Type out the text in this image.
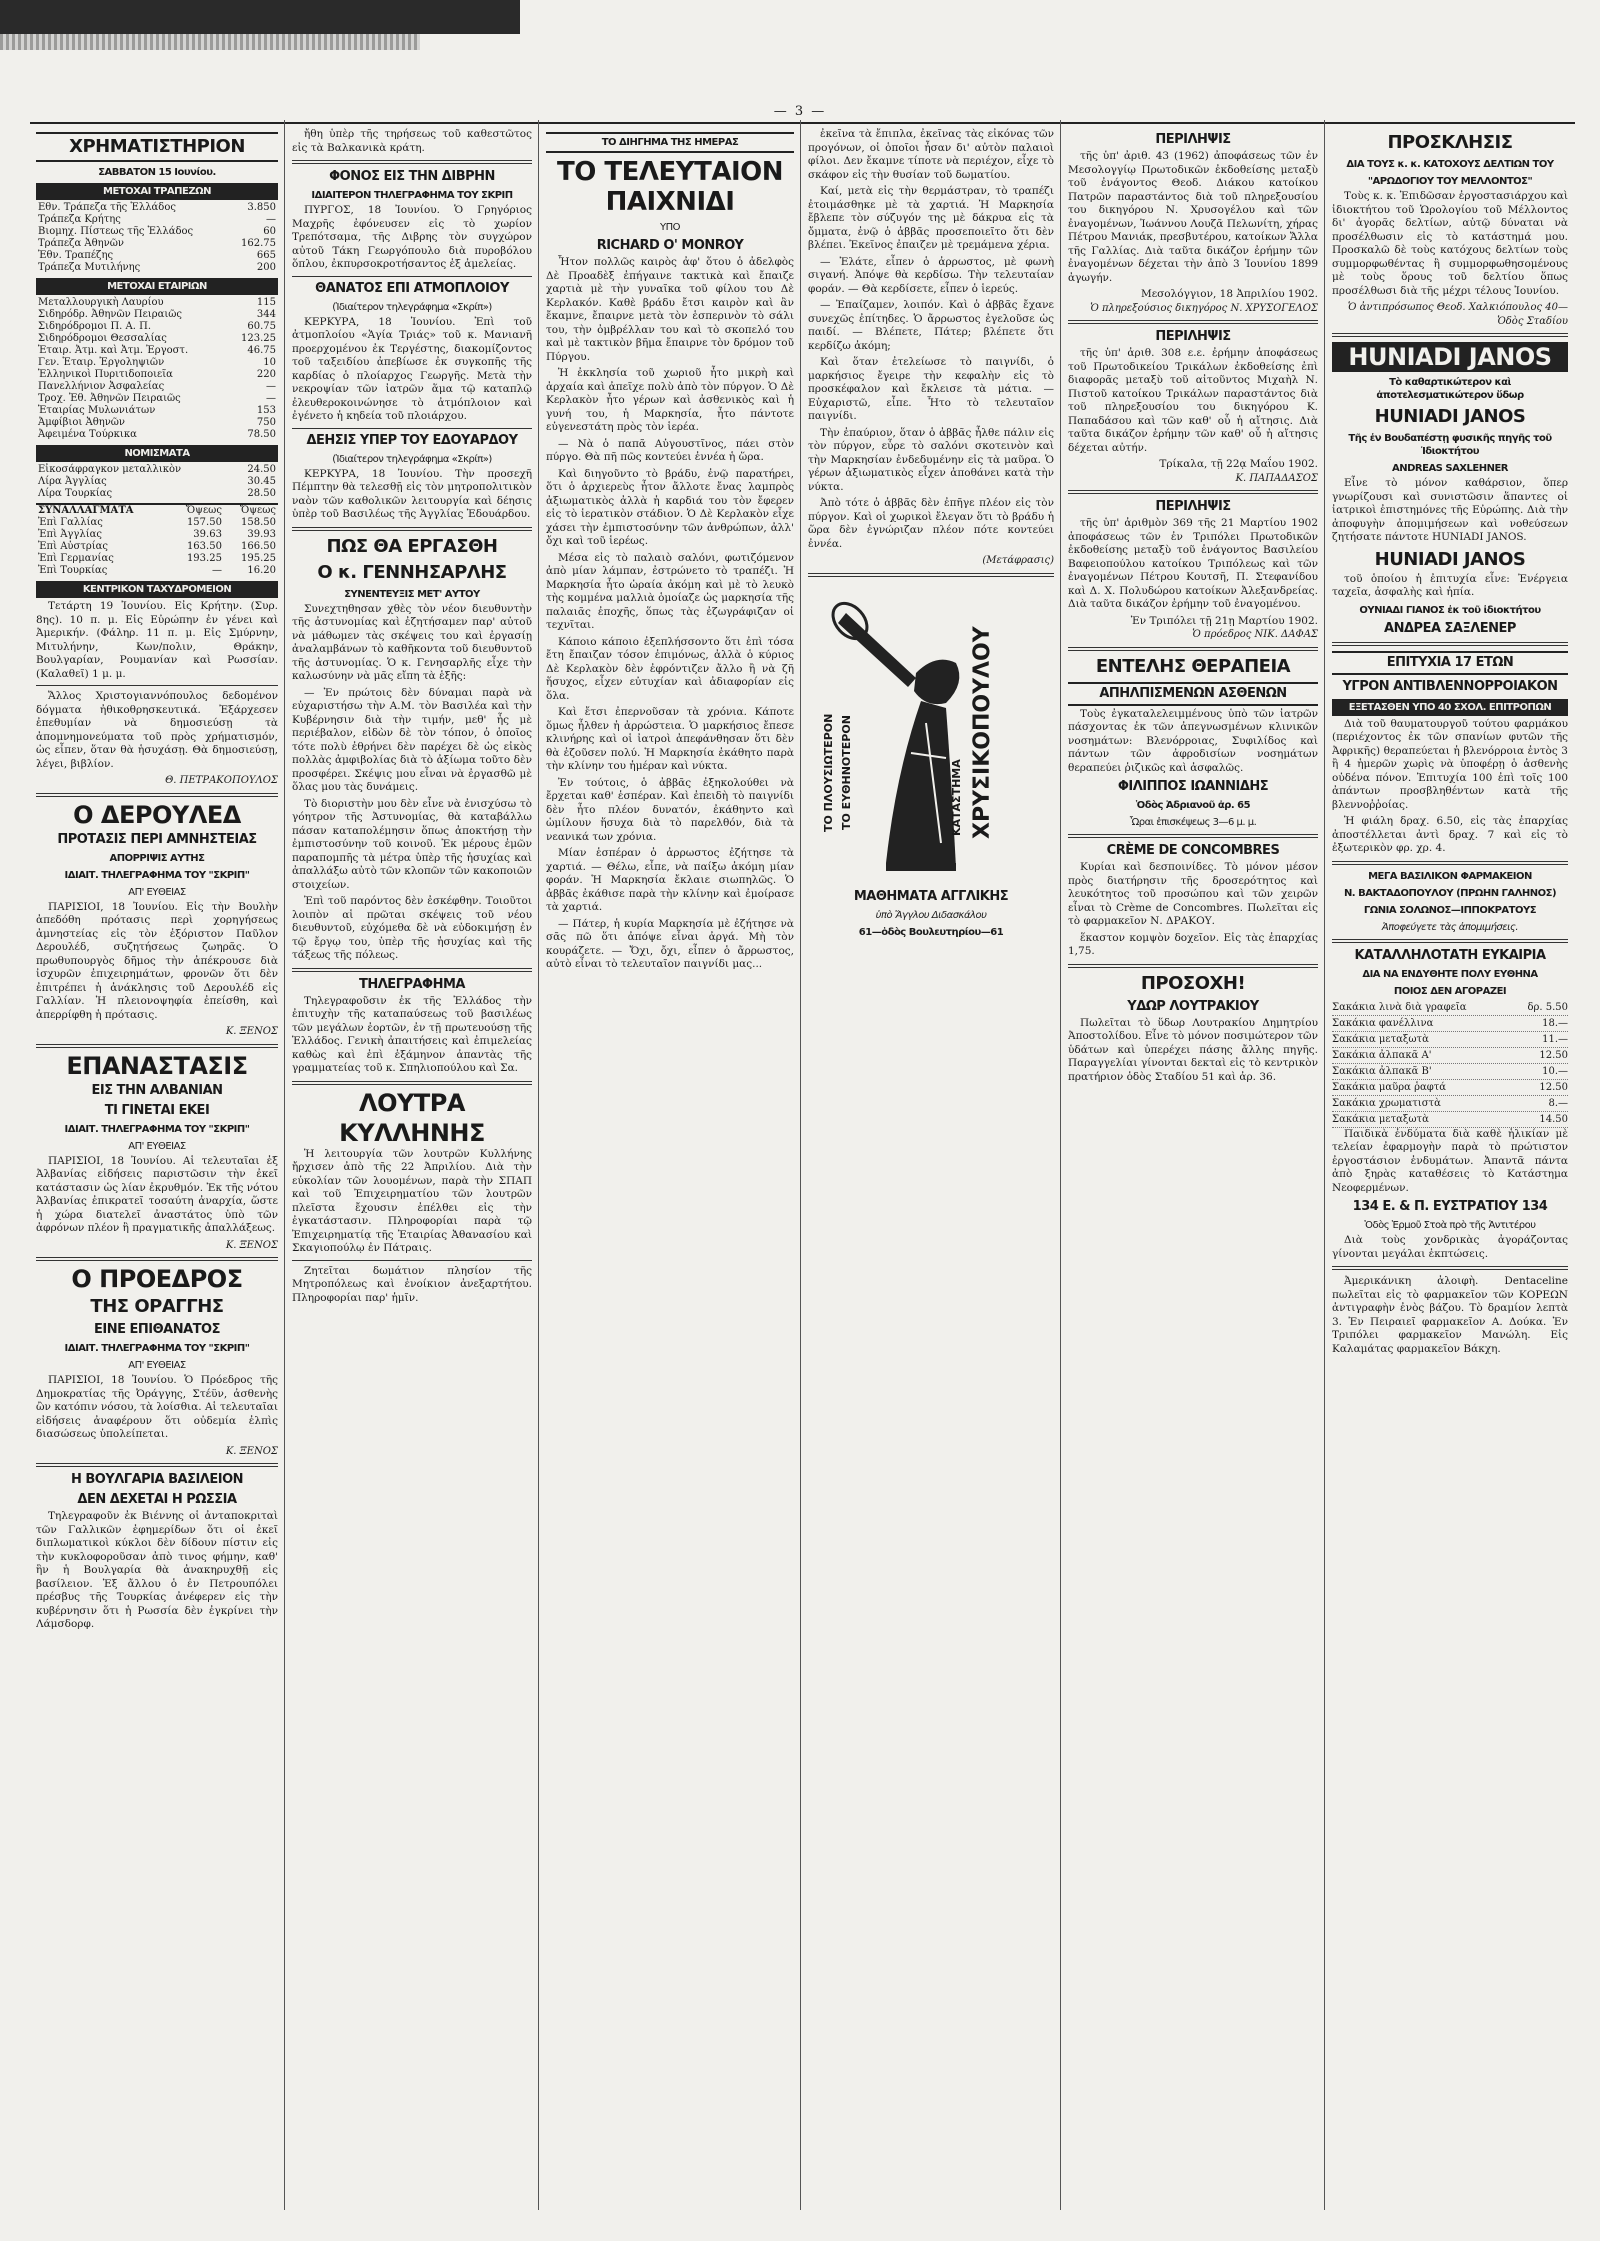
— 3 —
ΧΡΗΜΑΤΙΣΤΗΡΙΟΝ
ΣΑΒΒΑΤΟΝ 15 Ιουνίου.
ΜΕΤΟΧΑΙ ΤΡΑΠΕΖΩΝ
Εθν. Τράπεζα τῆς Ἑλλάδος	3.850
Τράπεζα Κρήτης	—
Βιομηχ. Πίστεως τῆς Ἑλλάδος	60
Τράπεζα Ἀθηνῶν	162.75
Ἐθν. Τραπέζης	665
Τράπεζα Μυτιλήνης	200
ΜΕΤΟΧΑΙ ΕΤΑΙΡΙΩΝ
Μεταλλουργικὴ Λαυρίου	115
Σιδηρόδρ. Ἀθηνῶν Πειραιῶς	344
Σιδηρόδρομοι Π. Α. Π.	60.75
Σιδηρόδρομοι Θεσσαλίας	123.25
Ἑταιρ. Ἀτμ. καὶ Ἀτμ. Ἐργοστ.	46.75
Γεν. Ἑταιρ. Ἐργοληψιῶν	10
Ἑλληνικοὶ Πυριτιδοποιεῖα	220
Πανελλήνιον Ἀσφαλείας	—
Τροχ. Ἐθ. Ἀθηνῶν Πειραιῶς	—
Ἑταιρίας Μυλωνιάτων	153
Ἀμφίβιοι Ἀθηνῶν	750
Ἀφειμένα Τούρκικα	78.50
ΝΟΜΙΣΜΑΤΑ
Εἰκοσάφραγκον μεταλλικὸν	24.50
Λίρα Ἀγγλίας	30.45
Λίρα Τουρκίας	28.50
ΣΥΝΑΛΛΑΓΜΑΤΑ	Ὄψεως	Ὄψεως
Ἐπὶ Γαλλίας	157.50	158.50
Ἐπὶ Ἀγγλίας	39.63	39.93
Ἐπὶ Αὐστρίας	163.50	166.50
Ἐπὶ Γερμανίας	193.25	195.25
Ἐπὶ Τουρκίας	—	16.20
ΚΕΝΤΡΙΚΟΝ ΤΑΧΥΔΡΟΜΕΙΟΝ

Τετάρτη 19 Ἰουνίου. Εἰς Κρήτην. (Συρ. 8ης). 10 π. μ. Εἰς Εὐρώπην ἐν γένει καὶ Ἀμερικήν. (Φάληρ. 11 π. μ. Εἰς Σμύρνην, Μιτυλήνην, Κων/πολιν, Θράκην, Βουλγαρίαν, Ρουμανίαν καὶ Ρωσσίαν. (Καλαθεῖ) 1 μ. μ.

Ἄλλος Χριστογιαννόπουλος δεδομένον δόγματα ἠθικοθρησκευτικά. Ἐξάρχεσεν ἐπεθυμίαν νὰ δημοσιεύσῃ τὰ ἀπομνημονεύματα τοῦ πρὸς χρήματισμόν, ὡς εἶπεν, ὅταν θὰ ἡσυχάσῃ. Θὰ δημοσιεύσῃ, λέγει, βιβλίον.

Θ. ΠΕΤΡΑΚΟΠΟΥΛΟΣ
Ο ΔΕΡΟΥΛΕΔ
ΠΡΟΤΑΣΙΣ ΠΕΡΙ ΑΜΝΗΣΤΕΙΑΣ
ΑΠΟΡΡΙΨΙΣ ΑΥΤΗΣ
ΙΔΙΑΙΤ. ΤΗΛΕΓΡΑΦΗΜΑ ΤΟΥ "ΣΚΡΙΠ"
ΑΠ' ΕΥΘΕΙΑΣ

ΠΑΡΙΣΙΟΙ, 18 Ἰουνίου. Εἰς τὴν Βουλὴν ἀπεδόθη πρότασις περὶ χορηγήσεως ἀμνηστείας εἰς τὸν ἐξόριστον Παῦλον Δερουλέδ, συζητήσεως ζωηρᾶς. Ὁ πρωθυπουργὸς δῆμος τὴν ἀπέκρουσε διὰ ἰσχυρῶν ἐπιχειρημάτων, φρονῶν ὅτι δὲν ἐπιτρέπει ἡ ἀνάκλησις τοῦ Δερουλέδ εἰς Γαλλίαν. Ἡ πλειονοψηφία ἐπείσθη, καὶ ἀπερρίφθη ἡ πρότασις.

Κ. ΞΕΝΟΣ
ΕΠΑΝΑΣΤΑΣΙΣ
ΕΙΣ ΤΗΝ ΑΛΒΑΝΙΑΝ
ΤΙ ΓΙΝΕΤΑΙ ΕΚΕΙ
ΙΔΙΑΙΤ. ΤΗΛΕΓΡΑΦΗΜΑ ΤΟΥ "ΣΚΡΙΠ"
ΑΠ' ΕΥΘΕΙΑΣ

ΠΑΡΙΣΙΟΙ, 18 Ἰουνίου. Αἱ τελευταῖαι ἐξ Ἀλβανίας εἰδήσεις παριστῶσιν τὴν ἐκεῖ κατάστασιν ὡς λίαν ἐκρυθμόν. Ἐκ τῆς νότου Ἀλβανίας ἐπικρατεῖ τοσαύτη ἀναρχία, ὥστε ἡ χώρα διατελεῖ ἀναστάτος ὑπὸ τῶν ἀφρόνων πλέον ἢ πραγματικῆς ἀπαλλάξεως.

Κ. ΞΕΝΟΣ
Ο ΠΡΟΕΔΡΟΣ
ΤΗΣ ΟΡΑΓΓΗΣ
ΕΙΝΕ ΕΠΙΘΑΝΑΤΟΣ
ΙΔΙΑΙΤ. ΤΗΛΕΓΡΑΦΗΜΑ ΤΟΥ "ΣΚΡΙΠ"
ΑΠ' ΕΥΘΕΙΑΣ

ΠΑΡΙΣΙΟΙ, 18 Ἰουνίου. Ὁ Πρόεδρος τῆς Δημοκρατίας τῆς Ὀράγγης, Στέϋν, ἀσθενὴς ὢν κατόπιν νόσου, τὰ λοίσθια. Αἱ τελευταῖαι εἰδήσεις ἀναφέρουν ὅτι οὐδεμία ἐλπὶς διασώσεως ὑπολείπεται.

Κ. ΞΕΝΟΣ
Η ΒΟΥΛΓΑΡΙΑ ΒΑΣΙΛΕΙΟΝ
ΔΕΝ ΔΕΧΕΤΑΙ Η ΡΩΣΣΙΑ

Τηλεγραφοῦν ἐκ Βιέννης οἱ ἀνταποκριταὶ τῶν Γαλλικῶν ἐφημερίδων ὅτι οἱ ἐκεῖ διπλωματικοὶ κύκλοι δὲν δίδουν πίστιν εἰς τὴν κυκλοφοροῦσαν ἀπὸ τινος φήμην, καθ' ἣν ἡ Βουλγαρία θὰ ἀνακηρυχθῇ εἰς βασίλειον. Ἐξ ἄλλου ὁ ἐν Πετρουπόλει πρέσβυς τῆς Τουρκίας ἀνέφερεν εἰς τὴν κυβέρνησιν ὅτι ἡ Ρωσσία δὲν ἐγκρίνει τὴν Λάμσδορφ.

ἤθη ὑπὲρ τῆς τηρήσεως τοῦ καθεστῶτος εἰς τὰ Βαλκανικὰ κράτη.

ΦΟΝΟΣ ΕΙΣ ΤΗΝ ΔΙΒΡΗΝ
ΙΔΙΑΙΤΕΡΟΝ ΤΗΛΕΓΡΑΦΗΜΑ ΤΟΥ ΣΚΡΙΠ

ΠΥΡΓΟΣ, 18 Ἰουνίου. Ὁ Γρηγόριος Μαχρῆς ἐφόνευσεν εἰς τὸ χωρίον Τρεπότσαμα, τῆς Διβρης τὸν συγχώρον αὐτοῦ Τάκη Γεωργόπουλο διὰ πυροβόλου ὅπλου, ἐκπυρσοκροτήσαντος ἐξ ἀμελείας.

ΘΑΝΑΤΟΣ ΕΠΙ ΑΤΜΟΠΛΟΙΟΥ
(Ἰδιαίτερον τηλεγράφημα «Σκρίπ»)

ΚΕΡΚΥΡΑ, 18 Ἰουνίου. Ἐπὶ τοῦ ἀτμοπλοίου «Ἁγία Τριάς» τοῦ κ. Μανιανῆ προερχομένου ἐκ Τεργέστης, διακομίζοντος τοῦ ταξειδίου ἀπεβίωσε ἐκ συγκοπῆς τῆς καρδίας ὁ πλοίαρχος Γεωργῆς. Μετὰ τὴν νεκροψίαν τῶν ἰατρῶν ἅμα τῷ καταπλῷ ἐλευθεροκοινώνησε τὸ ἀτμόπλοιον καὶ ἐγένετο ἡ κηδεία τοῦ πλοιάρχου.

ΔΕΗΣΙΣ ΥΠΕΡ ΤΟΥ ΕΔΟΥΑΡΔΟΥ
(Ἰδιαίτερον τηλεγράφημα «Σκρίπ»)

ΚΕΡΚΥΡΑ, 18 Ἰουνίου. Τὴν προσεχῆ Πέμπτην θὰ τελεσθῇ εἰς τὸν μητροπολιτικὸν ναὸν τῶν καθολικῶν λειτουργία καὶ δέησις ὑπὲρ τοῦ Βασιλέως τῆς Ἀγγλίας Ἐδουάρδου.

ΠΩΣ ΘΑ ΕΡΓΑΣΘΗ
Ο κ. ΓΕΝΝΗΣΑΡΛΗΣ
ΣΥΝΕΝΤΕΥΞΙΣ ΜΕΤ' ΑΥΤΟΥ

Συνεχτηθησαν χθὲς τὸν νέον διευθυντὴν τῆς ἀστυνομίας καὶ ἐζητήσαμεν παρ' αὐτοῦ νὰ μάθωμεν τὰς σκέψεις του καὶ ἐργασίῃ ἀναλαμβάνων τὸ καθῆκοντα τοῦ διευθυντοῦ τῆς ἀστυνομίας. Ὁ κ. Γενησαρλῆς εἶχε τὴν καλωσύνην νὰ μᾶς εἴπη τὰ ἑξῆς:

— Ἐν πρώτοις δὲν δύναμαι παρὰ νὰ εὐχαριστήσω τὴν Α.Μ. τὸν Βασιλέα καὶ τὴν Κυβέρνησιν διὰ τὴν τιμήν, μεθ' ἧς μὲ περιέβαλον, εἰδὼν δὲ τὸν τόπον, ὁ ὁποῖος τότε πολὺ ἐθρήνει δὲν παρέχει δὲ ὡς εἰκὸς πολλὰς ἀμφιβολίας διὰ τὸ ἀξίωμα τοῦτο δὲν προσφέρει. Σκέψις μου εἶναι νὰ ἐργασθῶ μὲ ὅλας μου τὰς δυνάμεις.

Τὸ διοριστὴν μου δὲν εἶνε νὰ ἐνισχύσω τὸ γόητρον τῆς Ἀστυνομίας, θὰ καταβάλλω πάσαν καταπολέμησιν ὅπως ἀποκτήσῃ τὴν ἐμπιστοσύνην τοῦ κοινοῦ. Ἐκ μέρους ἐμῶν παραπομπῆς τὰ μέτρα ὑπὲρ τῆς ἡσυχίας καὶ ἀπαλλάξω αὐτὸ τῶν κλοπῶν τῶν κακοποιῶν στοιχείων.

Ἐπὶ τοῦ παρόντος δὲν ἐσκέφθην. Τοιοῦτοι λοιπὸν αἱ πρῶται σκέψεις τοῦ νέου διευθυντοῦ, εὐχόμεθα δὲ νὰ εὐδοκιμήσῃ ἐν τῷ ἔργῳ του, ὑπὲρ τῆς ἡσυχίας καὶ τῆς τάξεως τῆς πόλεως.

ΤΗΛΕΓΡΑΦΗΜΑ

Τηλεγραφοῦσιν ἐκ τῆς Ἐλλάδος τὴν ἐπιτυχὴν τῆς καταπαύσεως τοῦ βασιλέως τῶν μεγάλων ἐορτῶν, ἐν τῇ πρωτευούσῃ τῆς Ἑλλάδος. Γενικὴ ἀπαιτήσεις καὶ ἐπιμελείας καθὼς καὶ ἐπὶ ἑξάμηνον ἀπαντὰς τῆς γραμματείας τοῦ κ. Σπηλιοπούλου καὶ Σα.

ΛΟΥΤΡΑ
ΚΥΛΛΗΝΗΣ

Ἡ λειτουργία τῶν λουτρῶν Κυλλήνης ἤρχισεν ἀπὸ τῆς 22 Ἀπριλίου. Διὰ τὴν εὐκολίαν τῶν λουομένων, παρὰ τὴν ΣΠΑΠ καὶ τοῦ Ἐπιχειρηματίου τῶν λουτρῶν πλεῖστα ἔχουσιν ἐπέλθει εἰς τὴν ἐγκατάστασιν. Πληροφορίαι παρὰ τῷ Ἐπιχειρηματίᾳ τῆς Ἑταιρίας Ἀθανασίου καὶ Σκαγιοπούλῳ ἐν Πάτραις.

Ζητεῖται δωμάτιον πλησίον τῆς Μητροπόλεως καὶ ἐνοίκιον ἀνεξαρτήτου. Πληροφορίαι παρ' ἡμῖν.

ΤΟ ΔΙΗΓΗΜΑ ΤΗΣ ΗΜΕΡΑΣ
ΤΟ ΤΕΛΕΥΤΑΙΟΝ ΠΑΙΧΝΙΔΙ
ΥΠΟ
RICHARD O' MONROY

Ἦτον πολλῶς καιρὸς ἀφ' ὅτου ὁ ἀδελφὸς Δὲ Προαδὲξ ἐπήγαινε τακτικὰ καὶ ἔπαιζε χαρτιὰ μὲ τὴν γυναῖκα τοῦ φίλου του Δὲ Κερλακόν. Καθὲ βράδυ ἔτσι καιρὸν καὶ ἂν ἔκαμνε, ἔπαιρνε μετὰ τὸν ἑσπερινὸν τὸ σάλι του, τὴν ὀμβρέλλαν του καὶ τὸ σκοπελό του καὶ μὲ τακτικὸν βῆμα ἔπαιρνε τὸν δρόμον τοῦ Πύργου.

Ἡ ἐκκλησία τοῦ χωριοῦ ἦτο μικρὴ καὶ ἀρχαία καὶ ἀπεῖχε πολὺ ἀπὸ τὸν πύργον. Ὁ Δὲ Κερλακὸν ἦτο γέρων καὶ ἀσθενικὸς καὶ ἡ γυνή του, ἡ Μαρκησία, ἦτο πάντοτε εὐγενεστάτη πρὸς τὸν ἱερέα.

— Νὰ ὁ παπᾶ Αὐγουστῖνος, πάει στὸν πύργο. Θὰ πῆ πῶς κοντεύει ἐννέα ἡ ὥρα.

Καὶ διηγοῦντο τὸ βράδυ, ἐνῷ παρατήρει, ὅτι ὁ ἀρχιερεὺς ἦτον ἄλλοτε ἔνας λαμπρὸς ἀξιωματικὸς ἀλλὰ ἡ καρδιά του τὸν ἔφερεν εἰς τὸ ἱερατικὸν στάδιον. Ὁ Δὲ Κερλακὸν εἶχε χάσει τὴν ἐμπιστοσύνην τῶν ἀνθρώπων, ἀλλ' ὄχι καὶ τοῦ ἱερέως.

Μέσα εἰς τὸ παλαιὸ σαλόνι, φωτιζόμενον ἀπὸ μίαν λάμπαν, ἐστρώνετο τὸ τραπέζι. Ἡ Μαρκησία ἦτο ὡραία ἀκόμη καὶ μὲ τὸ λευκὸ τὴς κομμένα μαλλιὰ ὁμοίαζε ὡς μαρκησία τῆς παλαιᾶς ἐποχῆς, ὅπως τὰς ἐζωγράφιζαν οἱ τεχνῖται.

Κάποιο κάποιο ἐξεπλήσσοντο ὅτι ἐπὶ τόσα ἔτη ἔπαιζαν τόσον ἐπιμόνως, ἀλλὰ ὁ κύριος Δὲ Κερλακὸν δὲν ἐφρόντιζεν ἄλλο ἢ νὰ ζῆ ἥσυχος, εἶχεν εὐτυχίαν καὶ ἀδιαφορίαν εἰς ὅλα.

Καὶ ἔτσι ἐπερνοῦσαν τὰ χρόνια. Κάποτε ὅμως ἦλθεν ἡ ἀρρώστεια. Ὁ μαρκήσιος ἔπεσε κλινήρης καὶ οἱ ἰατροὶ ἀπεφάνθησαν ὅτι δὲν θὰ ἐζοῦσεν πολύ. Ἡ Μαρκησία ἐκάθητο παρὰ τὴν κλίνην του ἡμέραν καὶ νύκτα.

Ἐν τούτοις, ὁ ἀββᾶς ἐξηκολούθει νὰ ἔρχεται καθ' ἑσπέραν. Καὶ ἐπειδὴ τὸ παιγνίδι δὲν ἦτο πλέον δυνατόν, ἐκάθηντο καὶ ὡμίλουν ἥσυχα διὰ τὸ παρελθόν, διὰ τὰ νεανικά των χρόνια.

Μίαν ἑσπέραν ὁ ἀρρωστος ἐζήτησε τὰ χαρτιά. — Θέλω, εἶπε, νὰ παίξω ἀκόμη μίαν φοράν. Ἡ Μαρκησία ἔκλαιε σιωπηλῶς. Ὁ ἀββᾶς ἐκάθισε παρὰ τὴν κλίνην καὶ ἐμοίρασε τὰ χαρτιά.

— Πάτερ, ἡ κυρία Μαρκησία μὲ ἐζήτησε νὰ σᾶς πῶ ὅτι ἀπόψε εἶναι ἀργά. Μὴ τὸν κουράζετε. — Ὄχι, ὄχι, εἶπεν ὁ ἄρρωστος, αὐτὸ εἶναι τὸ τελευταῖον παιγνίδι μας...

ἐκεῖνα τὰ ἔπιπλα, ἐκεῖνας τὰς εἰκόνας τῶν προγόνων, οἱ ὁποῖοι ἦσαν δι' αὐτὸν παλαιοὶ φίλοι. Δεν ἔκαμνε τίποτε νὰ περιέχον, εἶχε τὸ σκάφον εἰς τὴν θυσίαν τοῦ δωματίου.

Καί, μετὰ εἰς τὴν θερμάστραν, τὸ τραπέζι ἐτοιμάσθηκε μὲ τὰ χαρτιά. Ἡ Μαρκησία ἔβλεπε τὸν σύζυγόν της μὲ δάκρυα εἰς τὰ ὄμματα, ἐνῷ ὁ ἀββᾶς προσεποιεῖτο ὅτι δὲν βλέπει. Ἐκεῖνος ἐπαιζεν μὲ τρεμάμενα χέρια.

— Ἐλάτε, εἶπεν ὁ ἀρρωστος, μὲ φωνὴ σιγανή. Ἀπόψε θὰ κερδίσω. Τὴν τελευταίαν φοράν. — Θὰ κερδίσετε, εἶπεν ὁ ἱερεύς.

— Ἐπαίζαμεν, λοιπόν. Καὶ ὁ ἀββᾶς ἔχανε συνεχῶς ἐπίτηδες. Ὁ ἄρρωστος ἐγελοῦσε ὡς παιδί. — Βλέπετε, Πάτερ; βλέπετε ὅτι κερδίζω ἀκόμη;

Καὶ ὅταν ἐτελείωσε τὸ παιγνίδι, ὁ μαρκήσιος ἔγειρε τὴν κεφαλὴν εἰς τὸ προσκέφαλον καὶ ἔκλεισε τὰ μάτια. — Εὐχαριστῶ, εἶπε. Ἦτο τὸ τελευταῖον παιγνίδι.

Τὴν ἐπαύριον, ὅταν ὁ ἀββᾶς ἦλθε πάλιν εἰς τὸν πύργον, εὗρε τὸ σαλόνι σκοτεινὸν καὶ τὴν Μαρκησίαν ἐνδεδυμένην εἰς τὰ μαῦρα. Ὁ γέρων ἀξιωματικὸς εἶχεν ἀποθάνει κατὰ τὴν νύκτα.

Ἀπὸ τότε ὁ ἀββᾶς δὲν ἐπῆγε πλέον εἰς τὸν πύργον. Καὶ οἱ χωρικοὶ ἔλεγαν ὅτι τὸ βράδυ ἡ ὥρα δὲν ἐγνώριζαν πλέον πότε κοντεύει ἐννέα.

(Μετάφρασις)
ΧΡΥΣΙΚΟΠΟΥΛΟΥ
ΚΑΤΑΣΤΗΜΑ
ΤΟ ΠΛΟΥΣΙΩΤΕΡΟΝ ΤΟ ΕΥΘΗΝΟΤΕΡΟΝ
ΜΑΘΗΜΑΤΑ ΑΓΓΛΙΚΗΣ
ὑπὸ Ἄγγλου Διδασκάλου
61—ὁδὸς Βουλευτηρίου—61
ΠΕΡΙΛΗΨΙΣ

τῆς ὑπ' ἀριθ. 43 (1962) ἀποφάσεως τῶν ἐν Μεσολογγίῳ Πρωτοδικῶν ἐκδοθείσης μεταξὺ τοῦ ἐνάγοντος Θεοδ. Διάκου κατοίκου Πατρῶν παραστάντος διὰ τοῦ πληρεξουσίου του δικηγόρου Ν. Χρυσογέλου καὶ τῶν ἐναγομένων, Ἰωάννου Λουζᾶ Πελωνίτη, χήρας Πέτρου Μανιάκ, πρεσβυτέρου, κατοίκων Ἄλλα τῆς Γαλλίας. Διὰ ταῦτα δικάζον ἐρήμην τῶν ἐναγομένων δέχεται τὴν ἀπὸ 3 Ἰουνίου 1899 ἀγωγήν.

Μεσολόγγιον, 18 Ἀπριλίου 1902.
Ὁ πληρεξούσιος δικηγόρος Ν. ΧΡΥΣΟΓΕΛΟΣ
ΠΕΡΙΛΗΨΙΣ

τῆς ὑπ' ἀριθ. 308 ε.ε. ἐρήμην ἀποφάσεως τοῦ Πρωτοδικείου Τρικάλων ἐκδοθείσης ἐπὶ διαφορᾶς μεταξὺ τοῦ αἰτοῦντος Μιχαὴλ Ν. Πιστοῦ κατοίκου Τρικάλων παραστάντος διὰ τοῦ πληρεξουσίου του δικηγόρου Κ. Παπαδάσου καὶ τῶν καθ' οὗ ἡ αἴτησις. Διὰ ταῦτα δικάζον ἐρήμην τῶν καθ' οὗ ἡ αἴτησις δέχεται αὐτήν.

Τρίκαλα, τῇ 22ᾳ Μαΐου 1902.
Κ. ΠΑΠΑΔΑΣΟΣ
ΠΕΡΙΛΗΨΙΣ

τῆς ὑπ' ἀριθμὸν 369 τῆς 21 Μαρτίου 1902 ἀποφάσεως τῶν ἐν Τριπόλει Πρωτοδικῶν ἐκδοθείσης μεταξὺ τοῦ ἐνάγοντος Βασιλείου Βαφειοπούλου κατοίκου Τριπόλεως καὶ τῶν ἐναγομένων Πέτρου Κουτσῆ, Π. Στεφανίδου καὶ Δ. Χ. Πολυδώρου κατοίκων Ἀλεξανδρείας. Διὰ ταῦτα δικάζον ἐρήμην τοῦ ἐναγομένου.

Ἐν Τριπόλει τῇ 21ῃ Μαρτίου 1902.
Ὁ πρόεδρος ΝΙΚ. ΔΑΦΑΣ
ΕΝΤΕΛΗΣ ΘΕΡΑΠΕΙΑ
ΑΠΗΛΠΙΣΜΕΝΩΝ ΑΣΘΕΝΩΝ

Τοὺς ἐγκαταλελειμμένους ὑπὸ τῶν ἰατρῶν πάσχοντας ἐκ τῶν ἀπεγνωσμένων κλινικῶν νοσημάτων: Βλενόρροιας, Συφιλίδος καὶ πάντων τῶν ἀφροδισίων νοσημάτων θεραπεύει ῥιζικῶς καὶ ἀσφαλῶς.

ΦΙΛΙΠΠΟΣ ΙΩΑΝΝΙΔΗΣ
Ὁδὸς Ἀδριανοῦ ἀρ. 65
Ὧραι ἐπισκέψεως 3—6 μ. μ.
CRÈME DE CONCOMBRES

Κυρίαι καὶ δεσποινίδες. Τὸ μόνον μέσον πρὸς διατήρησιν τῆς δροσερότητος καὶ λευκότητος τοῦ προσώπου καὶ τῶν χειρῶν εἶναι τὸ Crème de Concombres. Πωλεῖται εἰς τὸ φαρμακεῖον Ν. ΔΡΑΚΟΥ.

ἕκαστον κομψὸν δοχεῖον. Εἰς τὰς ἐπαρχίας 1,75.

ΠΡΟΣΟΧΗ!
ΥΔΩΡ ΛΟΥΤΡΑΚΙΟΥ

Πωλεῖται τὸ ὕδωρ Λουτρακίου Δημητρίου Ἀποστολίδου. Εἶνε τὸ μόνον ποσιμώτερον τῶν ὑδάτων καὶ ὑπερέχει πάσης ἄλλης πηγῆς. Παραγγελίαι γίνονται δεκταὶ εἰς τὸ κεντρικὸν πρατήριον ὁδὸς Σταδίου 51 καὶ ἀρ. 36.

ΠΡΟΣΚΛΗΣΙΣ
ΔΙΑ ΤΟΥΣ κ. κ. ΚΑΤΟΧΟΥΣ ΔΕΛΤΙΩΝ ΤΟΥ
"ΑΡΩΔΟΓΙΟΥ ΤΟΥ ΜΕΛΛΟΝΤΟΣ"

Τοὺς κ. κ. Ἐπιδῶσαν ἐργοστασιάρχου καὶ ἰδιοκτήτου τοῦ Ὡρολογίου τοῦ Μέλλοντος δι' ἀγορᾶς δελτίων, αὐτῷ δύναται νὰ προσέλθωσιν εἰς τὸ κατάστημά μου. Προσκαλῶ δὲ τοὺς κατόχους δελτίων τοὺς συμμορφωθέντας ἢ συμμορφωθησομένους μὲ τοὺς ὅρους τοῦ δελτίου ὅπως προσέλθωσι διὰ τῆς μέχρι τέλους Ἰουνίου.

Ὁ ἀντιπρόσωπος Θεοδ. Χαλκιόπουλος 40—Ὁδὸς Σταδίου
HUNIADI JANOS
Τὸ καθαρτικώτερον καὶ ἀποτελεσματικώτερον ὕδωρ
HUNIADI JANOS
Τῆς ἐν Βουδαπέστῃ φυσικῆς πηγῆς τοῦ Ἰδιοκτήτου
ANDREAS SAXLEHNER

Εἶνε τὸ μόνον καθάρσιον, ὅπερ γνωρίζουσι καὶ συνιστῶσιν ἅπαντες οἱ ἰατρικοὶ ἐπιστημόνες τῆς Εὐρώπης. Διὰ τὴν ἀποφυγὴν ἀπομιμήσεων καὶ νοθεύσεων ζητήσατε πάντοτε HUNIADI JANOS.

HUNIADI JANOS

τοῦ ὁποίου ἡ ἐπιτυχία εἶνε: Ἐνέργεια ταχεῖα, ἀσφαλὴς καὶ ἠπία.

ΟΥΝΙΑΔΙ ΓΙΑΝΟΣ ἐκ τοῦ ἰδιοκτήτου
ΑΝΔΡΕΑ ΣΑΞΛΕΝΕΡ
ΕΠΙΤΥΧΙΑ 17 ΕΤΩΝ
ΥΓΡΟΝ ΑΝΤΙΒΛΕΝΝΟΡΡΟΙΑΚΟΝ
ΕΞΕΤΑΣΘΕΝ ΥΠΟ 40 ΣΧΟΛ. ΕΠΙΤΡΟΠΩΝ

Διὰ τοῦ θαυματουργοῦ τούτου φαρμάκου (περιέχοντος ἐκ τῶν σπανίων φυτῶν τῆς Ἀφρικῆς) θεραπεύεται ἡ βλενόρροια ἐντὸς 3 ἢ 4 ἡμερῶν χωρὶς νὰ ὑποφέρῃ ὁ ἀσθενὴς οὐδένα πόνον. Ἐπιτυχία 100 ἐπὶ τοῖς 100 ἀπάντων προσβληθέντων κατὰ τῆς βλεννοῤῥοίας.

Ἡ φιάλη δραχ. 6.50, εἰς τὰς ἐπαρχίας ἀποστέλλεται ἀντὶ δραχ. 7 καὶ εἰς τὸ ἐξωτερικὸν φρ. χρ. 4.

ΜΕΓΑ ΒΑΣΙΛΙΚΟΝ ΦΑΡΜΑΚΕΙΟΝ
Ν. ΒΑΚΤΑΔΟΠΟΥΛΟΥ (ΠΡΩΗΝ ΓΑΛΗΝΟΣ)
ΓΩΝΙΑ ΣΟΛΩΝΟΣ—ΙΠΠΟΚΡΑΤΟΥΣ
Ἀποφεύγετε τὰς ἀπομιμήσεις.
ΚΑΤΑΛΛΗΛΟΤΑΤΗ ΕΥΚΑΙΡΙΑ
ΔΙΑ ΝΑ ΕΝΔΥΘΗΤΕ ΠΟΛΥ ΕΥΘΗΝΑ
ΠΟΙΟΣ ΔΕΝ ΑΓΟΡΑΖΕΙ
Σακάκια λινὰ διὰ γραφεῖα	δρ. 5.50
Σακάκια φανέλλινα	18.—
Σακάκια μεταξωτὰ	11.—
Σακάκια ἀλπακᾶ Α'	12.50
Σακάκια ἀλπακᾶ Β'	10.—
Σακάκια μαῦρα ῥαφτά	12.50
Σακάκια χρωματιστὰ	8.—
Σακάκια μεταξωτὰ	14.50

Παιδικὰ ἐνδύματα διὰ καθὲ ἡλικίαν μὲ τελείαν ἐφαρμογὴν παρὰ τὸ πρώτιστον ἐργοστάσιον ἐνδυμάτων. Ἀπαντᾶ πάντα ἀπὸ ξηρὰς καταθέσεις τὸ Κατάστημα Νεοφερμένων.

134 Ε. & Π. ΕΥΣΤΡΑΤΙΟΥ 134
Ὁδὸς Ἑρμοῦ Στοὰ πρὸ τῆς Ἀντιτέρου

Διὰ τοὺς χονδρικὰς ἀγοράζοντας γίνονται μεγάλαι ἐκπτώσεις.

Ἀμερικάνικη ἀλοιφὴ. Dentaceline πωλεῖται εἰς τὸ φαρμακεῖον τῶν ΚΟΡΕΩΝ ἀντιγραφὴν ἐνὸς βάζου. Τὸ δραμίον λεπτὰ 3. Ἐν Πειραιεῖ φαρμακεῖον Α. Δούκα. Ἐν Τριπόλει φαρμακεῖον Μανώλη. Εἰς Καλαμάτας φαρμακεῖον Βάκχη.
